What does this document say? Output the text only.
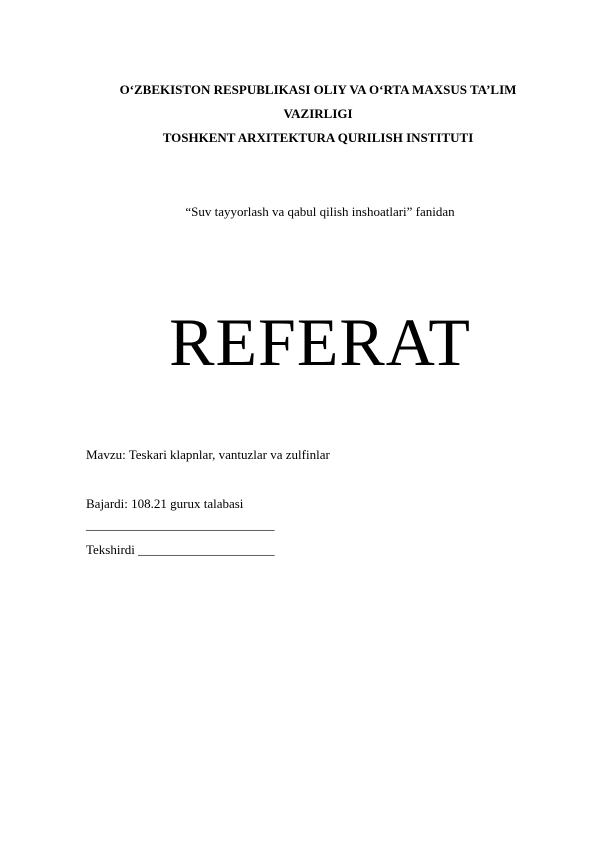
O‘ZBEKISTON RESPUBLIKASI OLIY VA O‘RTA MAXSUS TA’LIM
VAZIRLIGI
TOSHKENT ARXITEKTURA QURILISH INSTITUTI
“Suv tayyorlash va qabul qilish inshoatlari” fanidan
REFERAT
Mavzu: Teskari klapnlar, vantuzlar va zulfinlar
Bajardi: 108.21 gurux talabasi
_____________________________
Tekshirdi _____________________
